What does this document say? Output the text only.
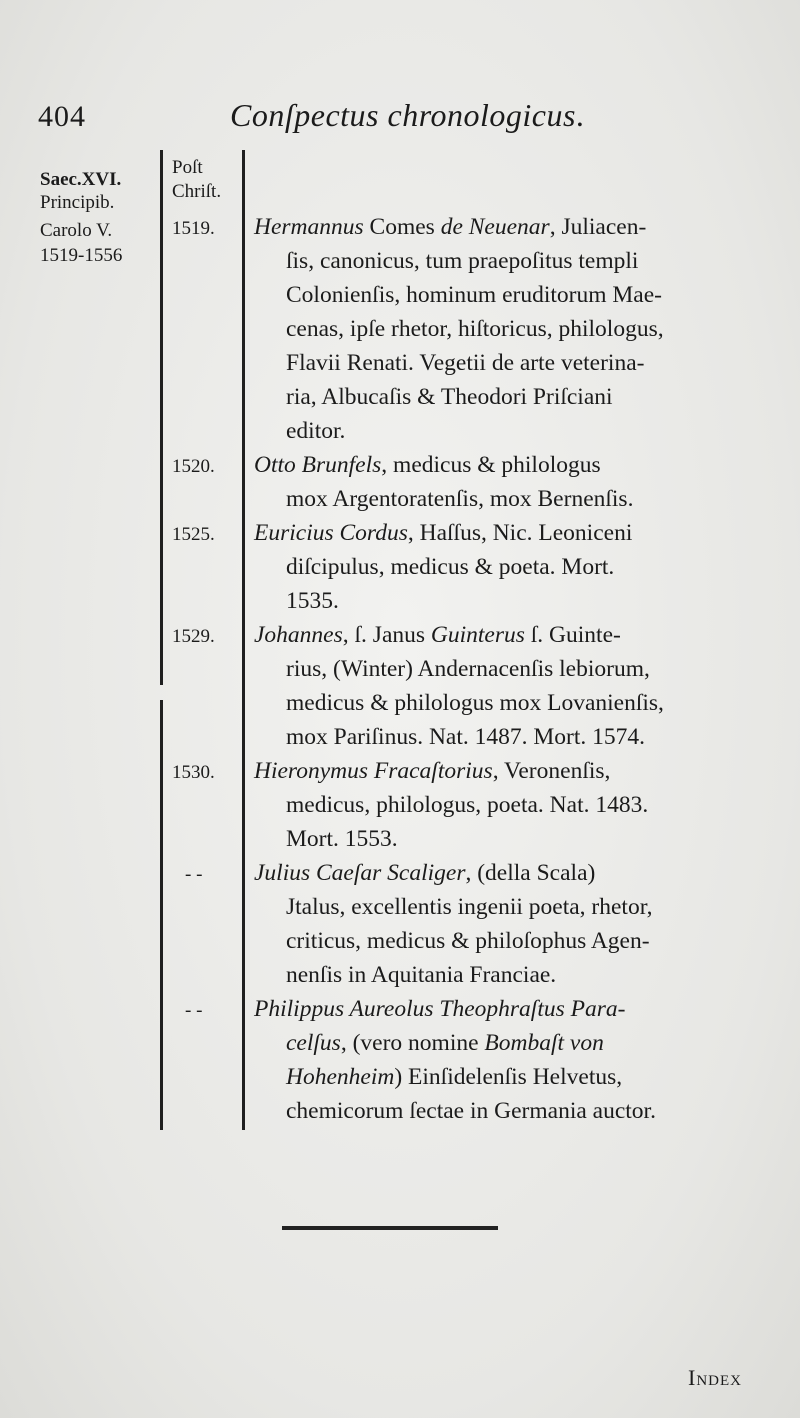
404	Conſpectus chronologicus.
Saec.XVI.
Principib.
Carolo V.
1519-1556
Poſt
Chriſt.
1519.
1520.
1525.
1529.
1530.
- -
- -
Hermannus Comes de Neuenar, Juliacen-
ſis, canonicus, tum praepoſitus templi
Colonienſis, hominum eruditorum Mae-
cenas, ipſe rhetor, hiſtoricus, philologus,
Flavii Renati. Vegetii de arte veterina-
ria, Albucaſis & Theodori Priſciani
editor.
Otto Brunfels, medicus & philologus
mox Argentoratenſis, mox Bernenſis.
Euricius Cordus, Haſſus, Nic. Leoniceni
diſcipulus, medicus & poeta. Mort.
1535.
Johannes, ſ. Janus Guinterus ſ. Guinte-
rius, (Winter) Andernacenſis lebiorum,
medicus & philologus mox Lovanienſis,
mox Pariſinus. Nat. 1487. Mort. 1574.
Hieronymus Fracaſtorius, Veronenſis,
medicus, philologus, poeta. Nat. 1483.
Mort. 1553.
Julius Caeſar Scaliger, (della Scala)
Jtalus, excellentis ingenii poeta, rhetor,
criticus, medicus & philoſophus Agen-
nenſis in Aquitania Franciae.
Philippus Aureolus Theophraſtus Para-
celſus, (vero nomine Bombaſt von
Hohenheim) Einſidelenſis Helvetus,
chemicorum ſectae in Germania auctor.
Index
